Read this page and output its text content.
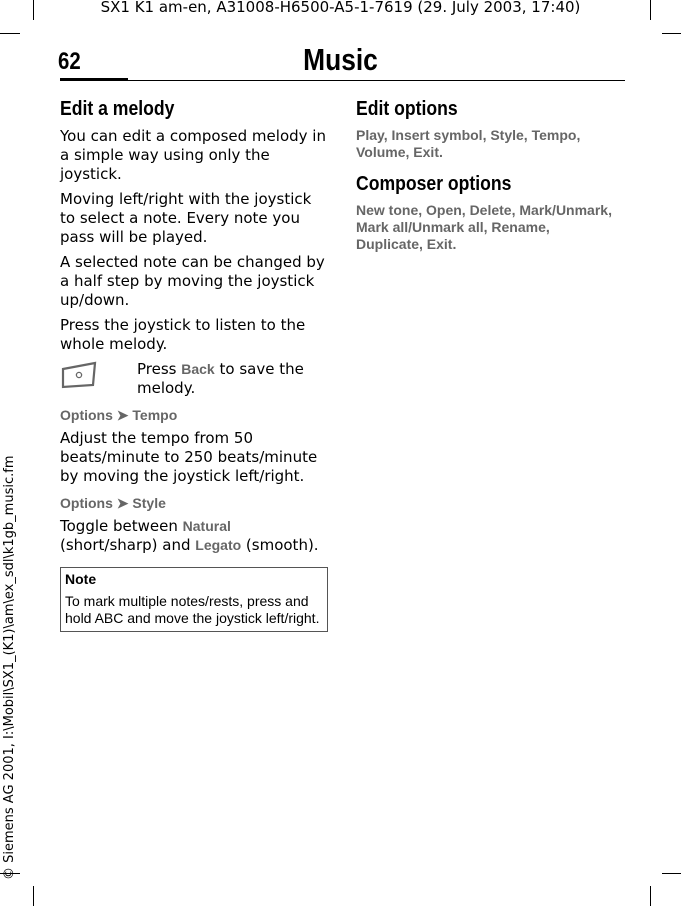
SX1 K1 am-en, A31008-H6500-A5-1-7619 (29. July 2003, 17:40)
62	Music
© Siemens AG 2001, I:\Mobil\SX1_(K1)\am\ex_sdl\k1gb_music.fm
Edit a melody

You can edit a composed melody in a simple way using only the joystick.

Moving left/right with the joystick to select a note. Every note you pass will be played.

A selected note can be changed by a half step by moving the joystick up/down.

Press the joystick to listen to the whole melody.

Press Back to save the melody.
Options ➤ Tempo

Adjust the tempo from 50 beats/minute to 250 beats/minute by moving the joystick left/right.

Options ➤ Style

Toggle between Natural (short/sharp) and Legato (smooth).

Note
To mark multiple notes/rests, press and hold ABC and move the joystick left/right.
Edit options
Play, Insert symbol, Style, Tempo, Volume, Exit.
Composer options
New tone, Open, Delete, Mark/Unmark, Mark all/Unmark all, Rename, Duplicate, Exit.
